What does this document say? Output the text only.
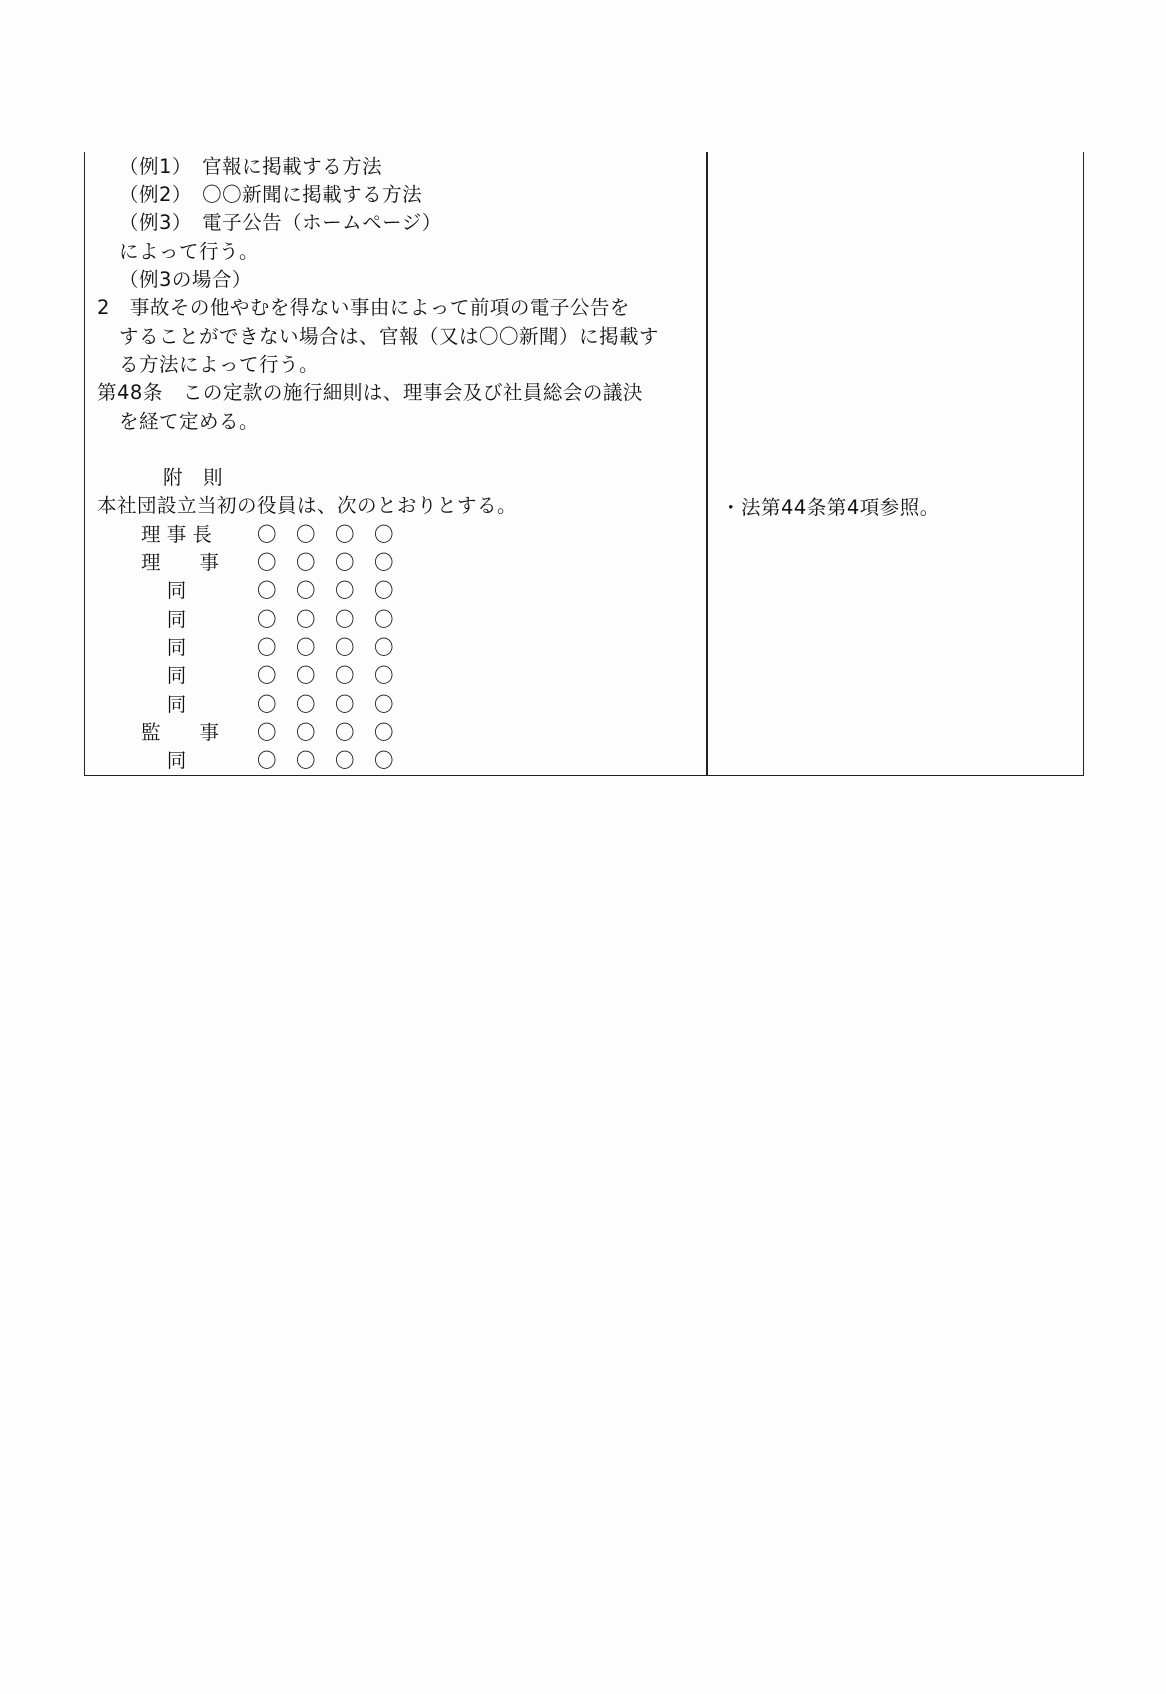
（例1）　官報に掲載する方法
（例2）　〇〇新聞に掲載する方法
（例3）　電子公告（ホームページ）
によって行う。
（例3の場合）
2　事故その他やむを得ない事由によって前項の電子公告を
することができない場合は、官報（又は〇〇新聞）に掲載す
る方法によって行う。
第48条　この定款の施行細則は、理事会及び社員総会の議決
を経て定める。
附　則
本社団設立当初の役員は、次のとおりとする。
理 事 長	〇　〇　〇　〇
理　　事	〇　〇　〇　〇
　 同	〇　〇　〇　〇
　 同	〇　〇　〇　〇
　 同	〇　〇　〇　〇
　 同	〇　〇　〇　〇
　 同	〇　〇　〇　〇
監　　事	〇　〇　〇　〇
　 同	〇　〇　〇　〇
・法第44条第4項参照。
